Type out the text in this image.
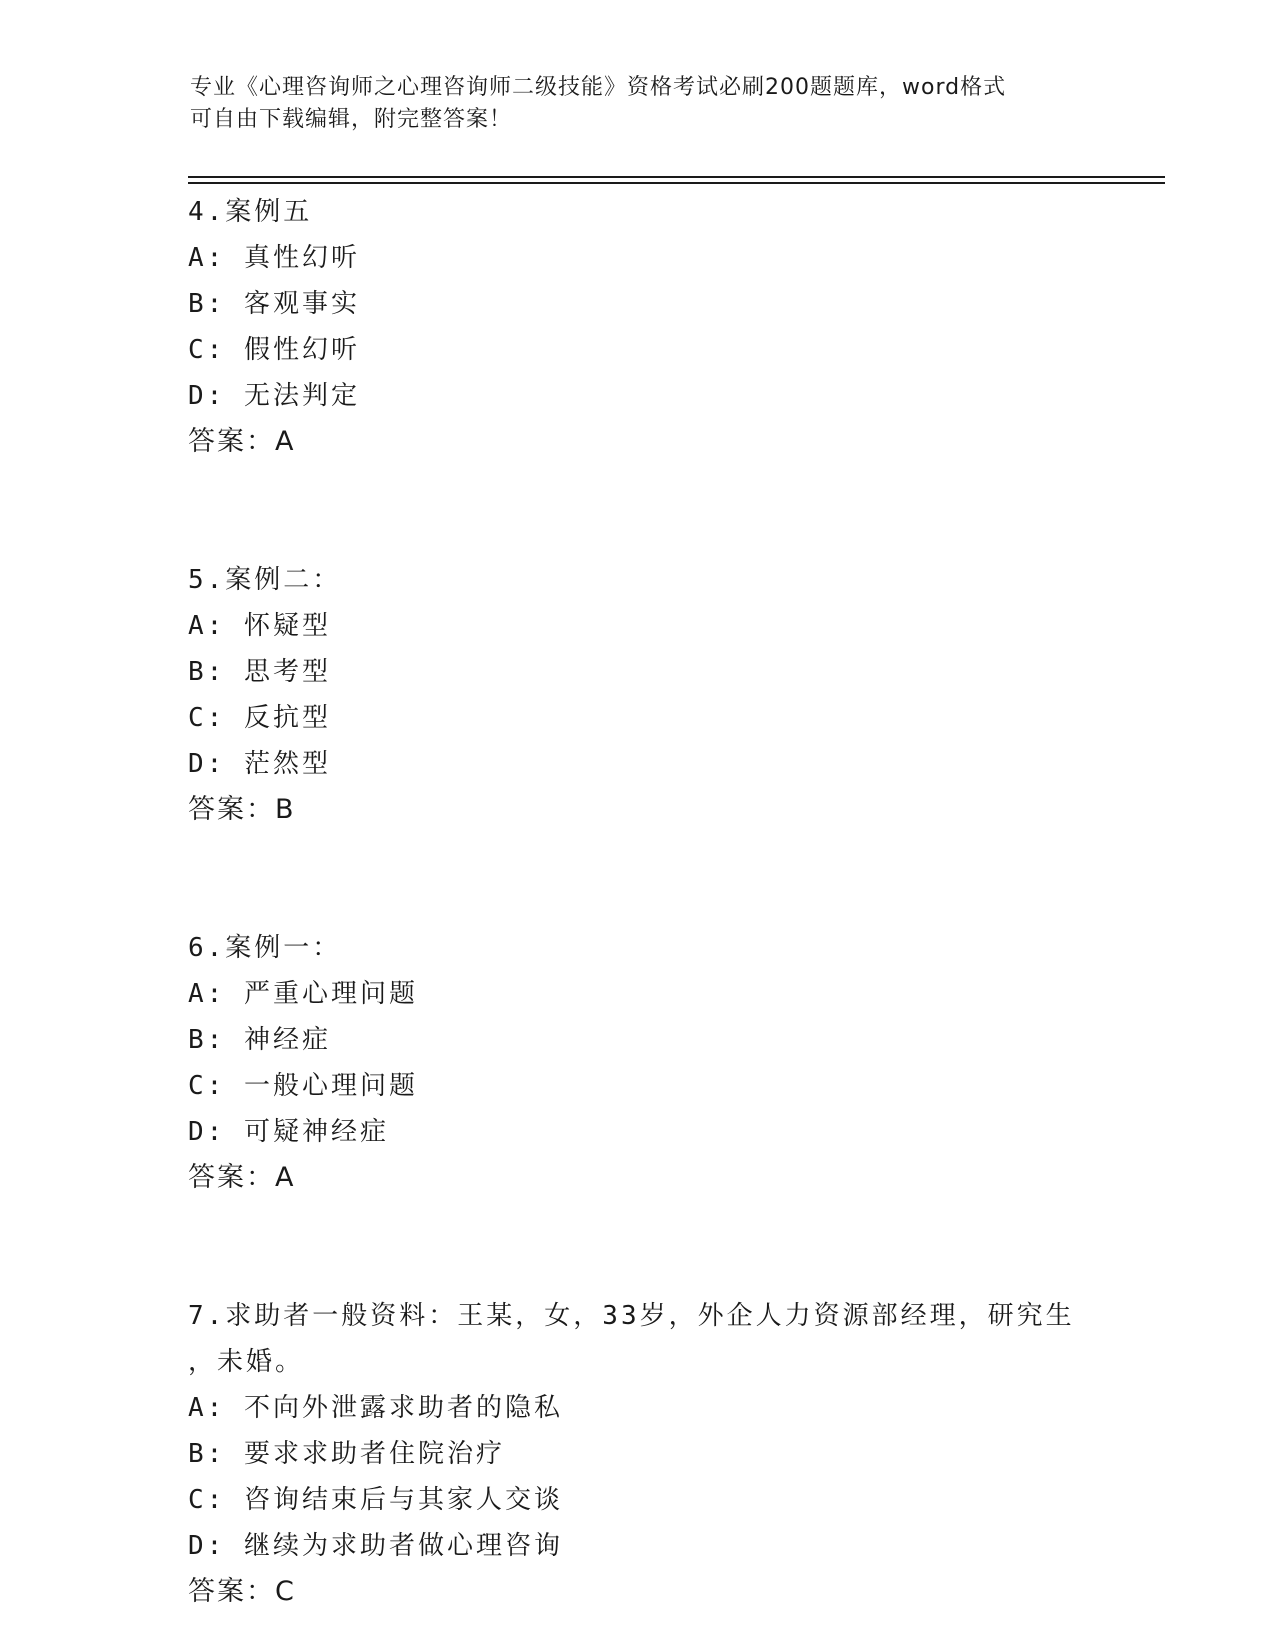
专业《心理咨询师之心理咨询师二级技能》资格考试必刷200题题库，word格式
可自由下载编辑，附完整答案！
4.案例五
A: 真性幻听
B: 客观事实
C: 假性幻听
D: 无法判定
答案：A
5.案例二：
A: 怀疑型
B: 思考型
C: 反抗型
D: 茫然型
答案：B
6.案例一：
A: 严重心理问题
B: 神经症
C: 一般心理问题
D: 可疑神经症
答案：A
7.求助者一般资料：王某，女，33岁，外企人力资源部经理，研究生
，未婚。
A: 不向外泄露求助者的隐私
B: 要求求助者住院治疗
C: 咨询结束后与其家人交谈
D: 继续为求助者做心理咨询
答案：C
